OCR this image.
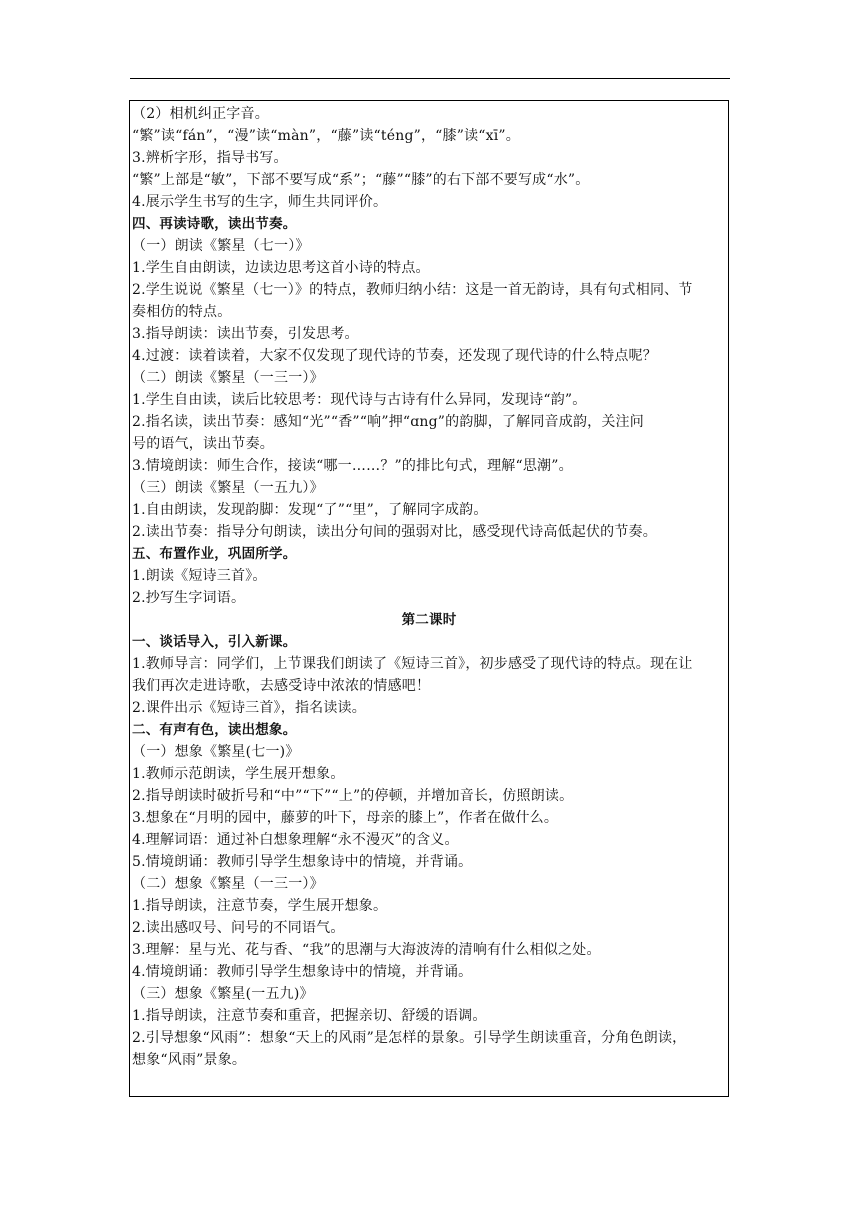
（2）相机纠正字音。
“繁”读“fán”，“漫”读“màn”，“藤”读“téng”，“膝”读“xī”。
3.辨析字形，指导书写。
“繁”上部是“敏”，下部不要写成“系”；“藤”“膝”的右下部不要写成“水”。
4.展示学生书写的生字，师生共同评价。
四、再读诗歌，读出节奏。
（一）朗读《繁星（七一）》
1.学生自由朗读，边读边思考这首小诗的特点。
2.学生说说《繁星（七一）》的特点，教师归纳小结：这是一首无韵诗，具有句式相同、节
奏相仿的特点。
3.指导朗读：读出节奏，引发思考。
4.过渡：读着读着，大家不仅发现了现代诗的节奏，还发现了现代诗的什么特点呢？
（二）朗读《繁星（一三一）》
1.学生自由读，读后比较思考：现代诗与古诗有什么异同，发现诗“韵”。
2.指名读，读出节奏：感知“光”“香”“响”押“ɑng”的韵脚，了解同音成韵，关注问
号的语气，读出节奏。
3.情境朗读：师生合作，接读“哪一……？”的排比句式，理解“思潮”。
（三）朗读《繁星（一五九）》
1.自由朗读，发现韵脚：发现“了”“里”，了解同字成韵。
2.读出节奏：指导分句朗读，读出分句间的强弱对比，感受现代诗高低起伏的节奏。
五、布置作业，巩固所学。
1.朗读《短诗三首》。
2.抄写生字词语。
第二课时
一、谈话导入，引入新课。
1.教师导言：同学们，上节课我们朗读了《短诗三首》，初步感受了现代诗的特点。现在让
我们再次走进诗歌，去感受诗中浓浓的情感吧！
2.课件出示《短诗三首》，指名读读。
二、有声有色，读出想象。
（一）想象《繁星(七一)》
1.教师示范朗读，学生展开想象。
2.指导朗读时破折号和“中”“下”“上”的停顿，并增加音长，仿照朗读。
3.想象在“月明的园中，藤萝的叶下，母亲的膝上”，作者在做什么。
4.理解词语：通过补白想象理解“永不漫灭”的含义。
5.情境朗诵：教师引导学生想象诗中的情境，并背诵。
（二）想象《繁星（一三一）》
1.指导朗读，注意节奏，学生展开想象。
2.读出感叹号、问号的不同语气。
3.理解：星与光、花与香、“我”的思潮与大海波涛的清响有什么相似之处。
4.情境朗诵：教师引导学生想象诗中的情境，并背诵。
（三）想象《繁星(一五九)》
1.指导朗读，注意节奏和重音，把握亲切、舒缓的语调。
2.引导想象“风雨”：想象“天上的风雨”是怎样的景象。引导学生朗读重音，分角色朗读，
想象“风雨”景象。
